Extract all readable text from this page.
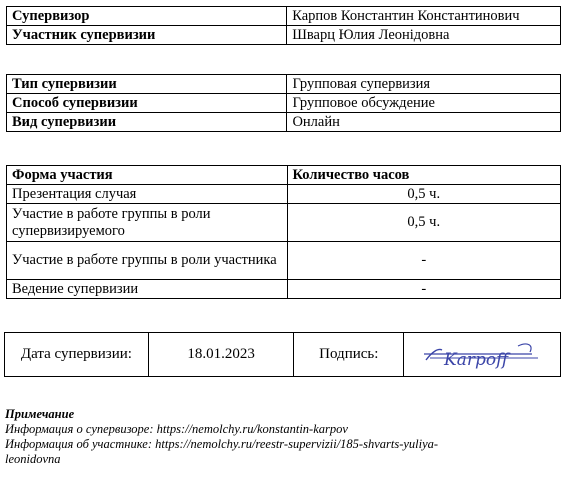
Супервизор	Карпов Константин Константинович
Участник супервизии	Шварц Юлия Леонідовна
Тип супервизии	Групповая супервизия
Способ супервизии	Групповое обсуждение
Вид супервизии	Онлайн
Форма участия	Количество часов
Презентация случая	0,5 ч.
Участие в работе группы в роли супервизируемого	0,5 ч.
Участие в работе группы в роли участника	-
Ведение супервизии	-
Дата супервизии:	18.01.2023	Подпись:	Karpoff
Примечание
Информация о супервизоре: https://nemolchy.ru/konstantin-karpov
Информация об участнике: https://nemolchy.ru/reestr-supervizii/185-shvarts-yuliya-
leonidovna
